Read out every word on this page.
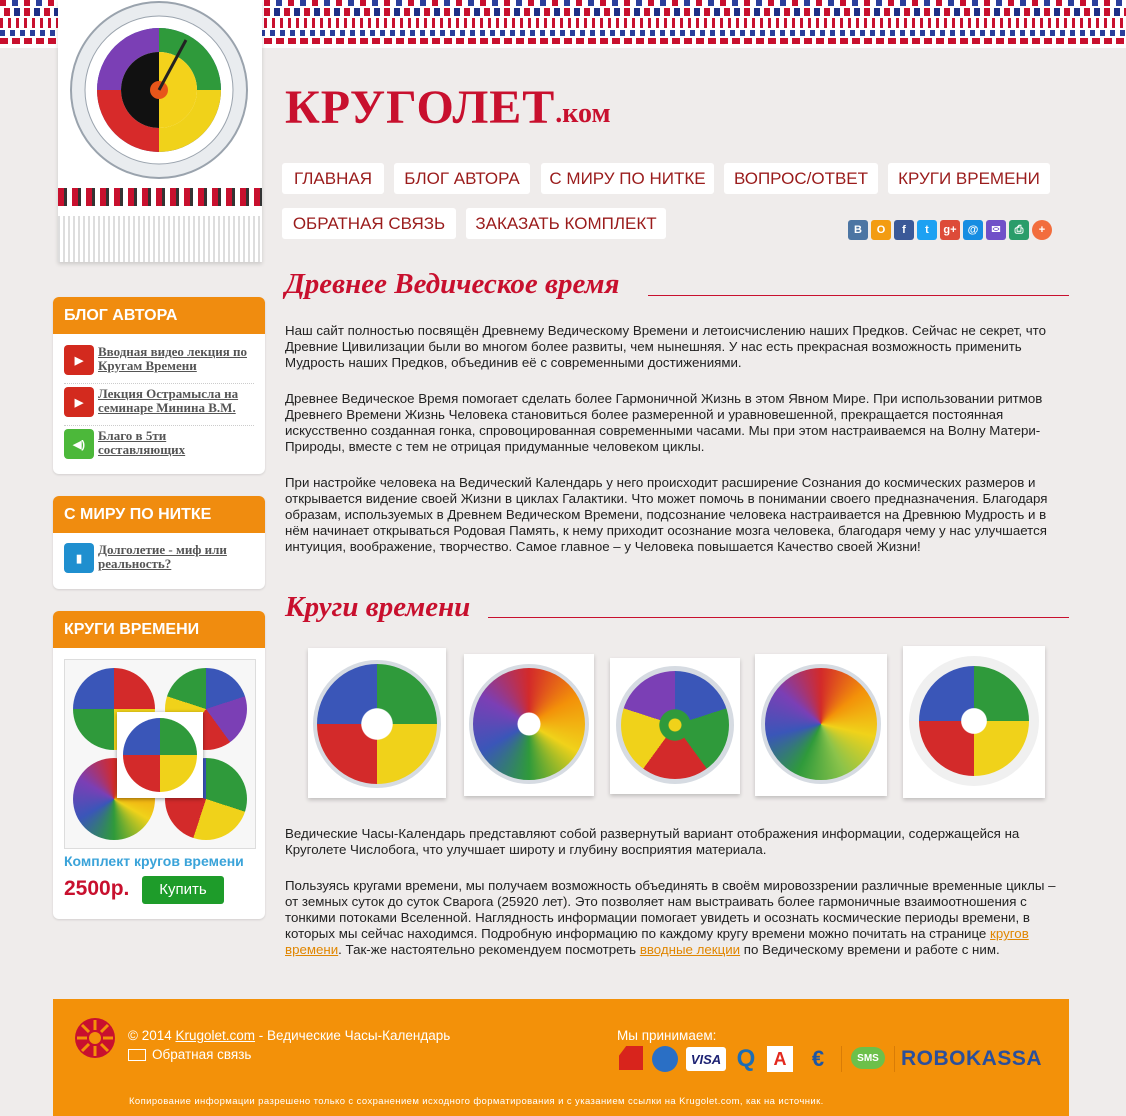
КРУГОЛЕТ .ком
ГЛАВНАЯ	БЛОГ АВТОРА	С МИРУ ПО НИТКЕ	ВОПРОС/ОТВЕТ	КРУГИ ВРЕМЕНИ
ОБРАТНАЯ СВЯЗЬ	ЗАКАЗАТЬ КОМПЛЕКТ	В	О	f	t	g+	@	✉	⎙	+
БЛОГ АВТОРА
▶
Вводная видео лекция по Кругам Времени
▶
Лекция Острамысла на семинаре Минина В.М.
◀)
Благо в 5ти составляющих
С МИРУ ПО НИТКЕ
▮
Долголетие - миф или реальность?
КРУГИ ВРЕМЕНИ
Комплект кругов времени
2500р.	Купить
Древнее Ведическое время

Наш сайт полностью посвящён Древнему Ведическому Времени и летоисчислению наших Предков. Сейчас не секрет, что Древние Цивилизации были во многом более развиты, чем нынешняя. У нас есть прекрасная возможность применить Мудрость наших Предков, объединив её с современными достижениями.

Древнее Ведическое Время помогает сделать более Гармоничной Жизнь в этом Явном Мире. При использовании ритмов Древнего Времени Жизнь Человека становиться более размеренной и уравновешенной, прекращается постоянная искусственно созданная гонка, спровоцированная современными часами. Мы при этом настраиваемся на Волну Матери-Природы, вместе с тем не отрицая придуманные человеком циклы.

При настройке человека на Ведический Календарь у него происходит расширение Сознания до космических размеров и открывается видение своей Жизни в циклах Галактики. Что может помочь в понимании своего предназначения. Благодаря образам, используемых в Древнем Ведическом Времени, подсознание человека настраивается на Древнюю Мудрость и в нём начинает открываться Родовая Память, к нему приходит осознание мозга человека, благодаря чему у нас улучшается интуиция, воображение, творчество. Самое главное – у Человека повышается Качество своей Жизни!

Круги времени

Ведические Часы-Календарь представляют собой развернутый вариант отображения информации, содержащейся на Круголете Числобога, что улучшает широту и глубину восприятия материала.

Пользуясь кругами времени, мы получаем возможность объединять в своём мировоззрении различные временные циклы – от земных суток до суток Сварога (25920 лет). Это позволяет нам выстраивать более гармоничные взаимоотношения с тонкими потоками Вселенной. Наглядность информации помогает увидеть и осознать космические периоды времени, в которых мы сейчас находимся. Подробную информацию по каждому кругу времени можно почитать на странице кругов времени. Так-же настоятельно рекомендуем посмотреть вводные лекции по Ведическому времени и работе с ним.

© 2014 Krugolet.com - Ведические Часы-Календарь
Обратная связь
Мы принимаем:
VISA Q	A	€	SMS ROBOKASSA
Копирование информации разрешено только с сохранением исходного форматирования и с указанием ссылки на Krugolet.com, как на источник.
